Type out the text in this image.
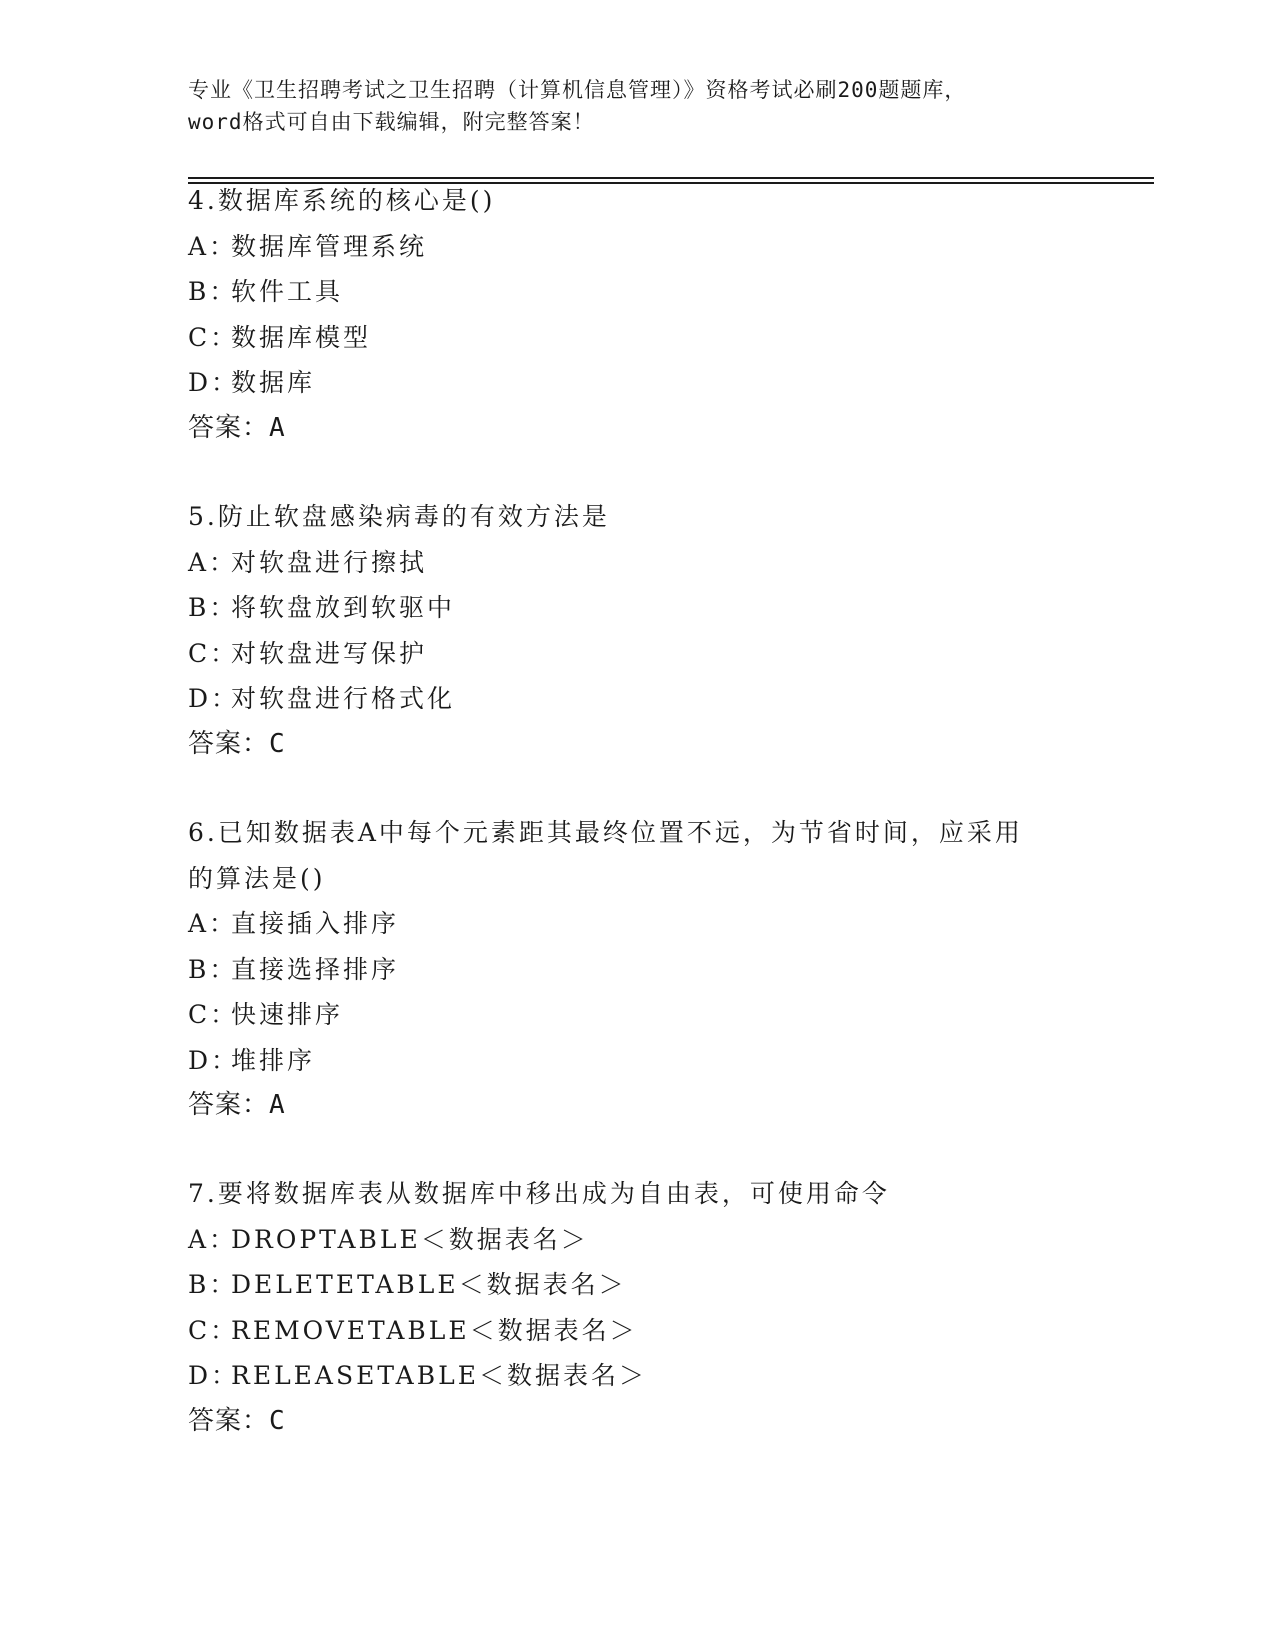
专业《卫生招聘考试之卫生招聘（计算机信息管理）》资格考试必刷200题题库，
word格式可自由下载编辑，附完整答案！
4.数据库系统的核心是()
A：数据库管理系统
B：软件工具
C：数据库模型
D：数据库
答案：A
5.防止软盘感染病毒的有效方法是
A：对软盘进行擦拭
B：将软盘放到软驱中
C：对软盘进写保护
D：对软盘进行格式化
答案：C
6.已知数据表A中每个元素距其最终位置不远，为节省时间，应采用
的算法是()
A：直接插入排序
B：直接选择排序
C：快速排序
D：堆排序
答案：A
7.要将数据库表从数据库中移出成为自由表，可使用命令
A：DROPTABLE＜数据表名＞
B：DELETETABLE＜数据表名＞
C：REMOVETABLE＜数据表名＞
D：RELEASETABLE＜数据表名＞
答案：C
